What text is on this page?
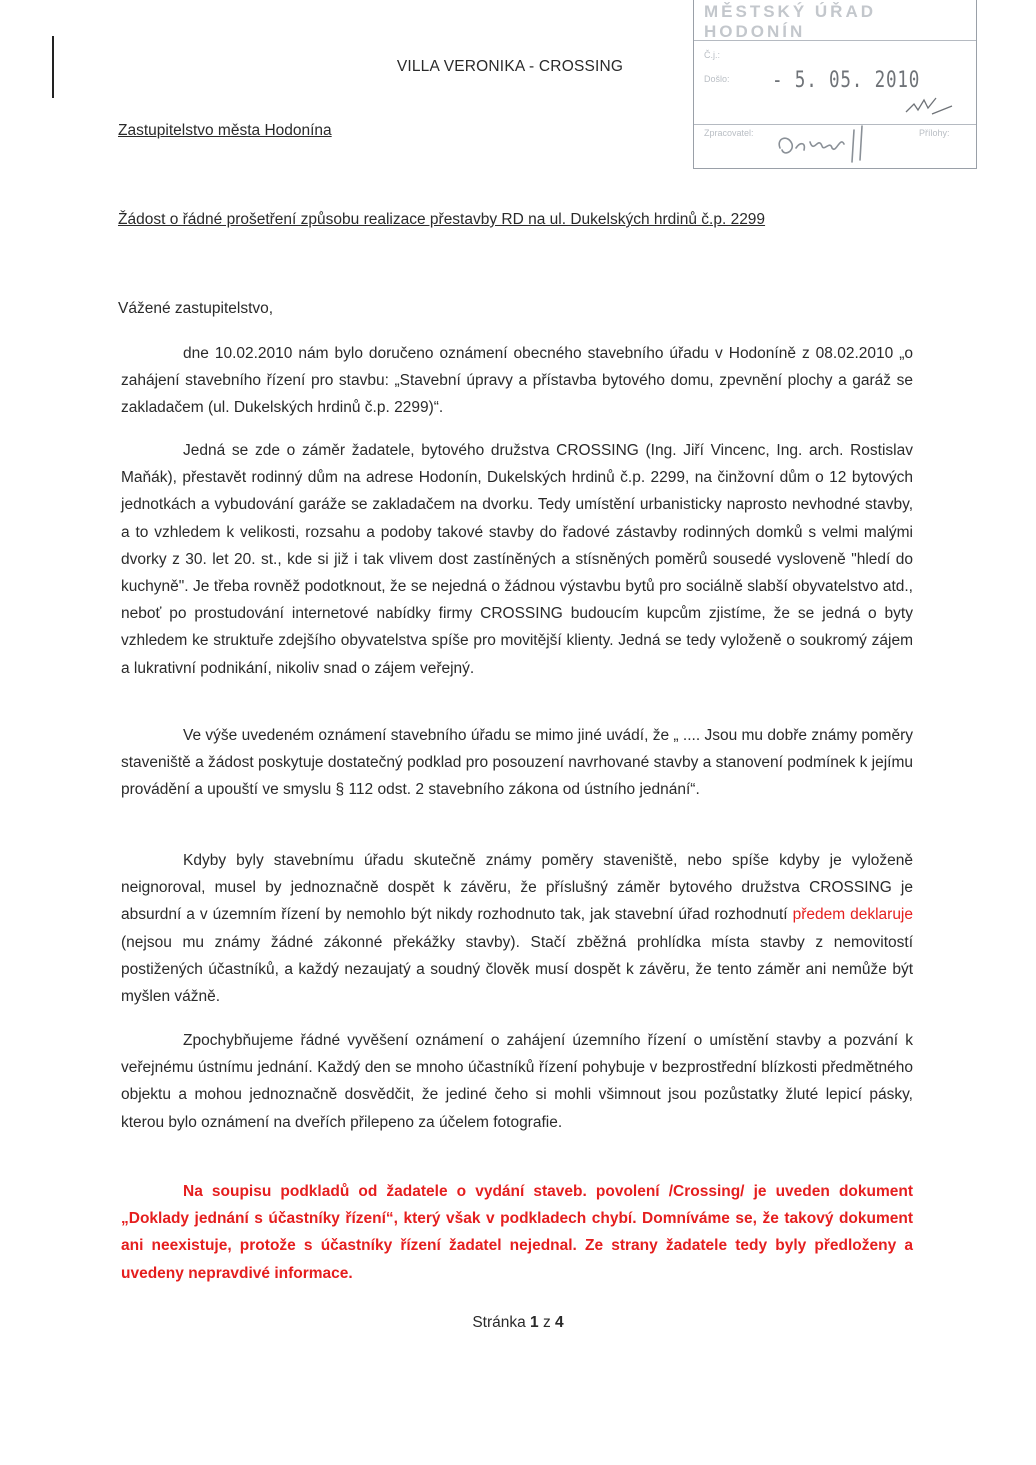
MĚSTSKÝ ÚŘAD HODONÍN
Došlo:
Č.j.:
Zpracovatel:	Přílohy:
- 5. 05. 2010
VILLA VERONIKA - CROSSING
Zastupitelstvo města Hodonína
Žádost o řádné prošetření způsobu realizace přestavby RD na ul. Dukelských hrdinů č.p. 2299
Vážené zastupitelstvo,

dne 10.02.2010 nám bylo doručeno oznámení obecného stavebního úřadu v Hodoníně z 08.02.2010 „o zahájení stavebního řízení pro stavbu: „Stavební úpravy a přístavba bytového domu, zpevnění plochy a garáž se zakladačem (ul. Dukelských hrdinů č.p. 2299)“.

Jedná se zde o záměr žadatele, bytového družstva CROSSING (Ing. Jiří Vincenc, Ing. arch. Rostislav Maňák), přestavět rodinný dům na adrese Hodonín, Dukelských hrdinů č.p. 2299, na činžovní dům o 12 bytových jednotkách a vybudování garáže se zakladačem na dvorku. Tedy umístění urbanisticky naprosto nevhodné stavby, a to vzhledem k velikosti, rozsahu a podoby takové stavby do řadové zástavby rodinných domků s velmi malými dvorky z 30. let 20. st., kde si již i tak vlivem dost zastíněných a stísněných poměrů sousedé vysloveně "hledí do kuchyně". Je třeba rovněž podotknout, že se nejedná o žádnou výstavbu bytů pro sociálně slabší obyvatelstvo atd., neboť po prostudování internetové nabídky firmy CROSSING budoucím kupcům zjistíme, že se jedná o byty vzhledem ke struktuře zdejšího obyvatelstva spíše pro movitější klienty. Jedná se tedy vyloženě o soukromý zájem a lukrativní podnikání, nikoliv snad o zájem veřejný.

Ve výše uvedeném oznámení stavebního úřadu se mimo jiné uvádí, že „ .... Jsou mu dobře známy poměry staveniště a žádost poskytuje dostatečný podklad pro posouzení navrhované stavby a stanovení podmínek k jejímu provádění a upouští ve smyslu § 112 odst. 2 stavebního zákona od ústního jednání“.

Kdyby byly stavebnímu úřadu skutečně známy poměry staveniště, nebo spíše kdyby je vyloženě neignoroval, musel by jednoznačně dospět k závěru, že příslušný záměr bytového družstva CROSSING je absurdní a v územním řízení by nemohlo být nikdy rozhodnuto tak, jak stavební úřad rozhodnutí předem deklaruje (nejsou mu známy žádné zákonné překážky stavby). Stačí zběžná prohlídka místa stavby z nemovitostí postižených účastníků, a každý nezaujatý a soudný člověk musí dospět k závěru, že tento záměr ani nemůže být myšlen vážně.

Zpochybňujeme řádné vyvěšení oznámení o zahájení územního řízení o umístění stavby a pozvání k veřejnému ústnímu jednání. Každý den se mnoho účastníků řízení pohybuje v bezprostřední blízkosti předmětného objektu a mohou jednoznačně dosvědčit, že jediné čeho si mohli všimnout jsou pozůstatky žluté lepicí pásky, kterou bylo oznámení na dveřích přilepeno za účelem fotografie.

Na soupisu podkladů od žadatele o vydání staveb. povolení /Crossing/ je uveden dokument „Doklady jednání s účastníky řízení“, který však v podkladech chybí. Domníváme se, že takový dokument ani neexistuje, protože s účastníky řízení žadatel nejednal. Ze strany žadatele tedy byly předloženy a uvedeny nepravdivé informace.

Stránka 1 z 4
